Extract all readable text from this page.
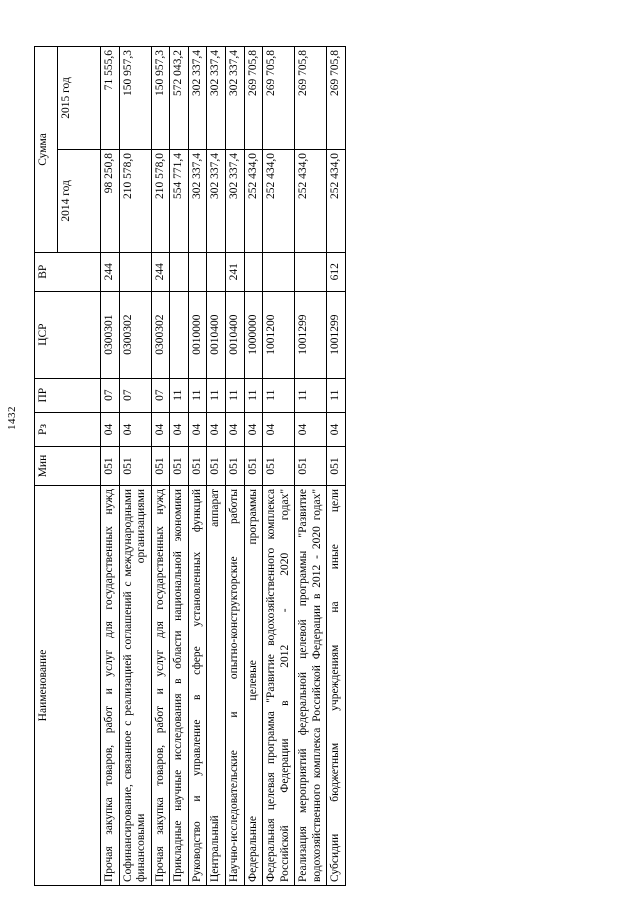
1432
Наименование	Мин	Рз	ПР	ЦСР	ВР	Сумма	
						2014 год	2015 год
Прочая закупка товаров, работ и услуг для государственных нужд	051	04	07	0300301	244	98 250,8	71 555,6
Софинансирование, связанное с реализацией соглашений с международными финансовыми организациями	051	04	07	0300302		210 578,0	150 957,3
Прочая закупка товаров, работ и услуг для государственных нужд	051	04	07	0300302	244	210 578,0	150 957,3
Прикладные научные исследования в области национальной экономики	051	04	11			554 771,4	572 043,2
Руководство и управление в сфере установленных функций	051	04	11	0010000		302 337,4	302 337,4
Центральный аппарат	051	04	11	0010400		302 337,4	302 337,4
Научно-исследовательские и опытно-конструкторские работы	051	04	11	0010400	241	302 337,4	302 337,4
Федеральные целевые программы	051	04	11	1000000		252 434,0	269 705,8
Федеральная целевая программа "Развитие водохозяйственного комплекса Российской Федерации в 2012 - 2020 годах"	051	04	11	1001200		252 434,0	269 705,8
Реализация мероприятий федеральной целевой программы "Развитие водохозяйственного комплекса Российской Федерации в 2012 - 2020 годах"	051	04	11	1001299		252 434,0	269 705,8
Субсидии бюджетным учреждениям на иные цели	051	04	11	1001299	612	252 434,0	269 705,8
